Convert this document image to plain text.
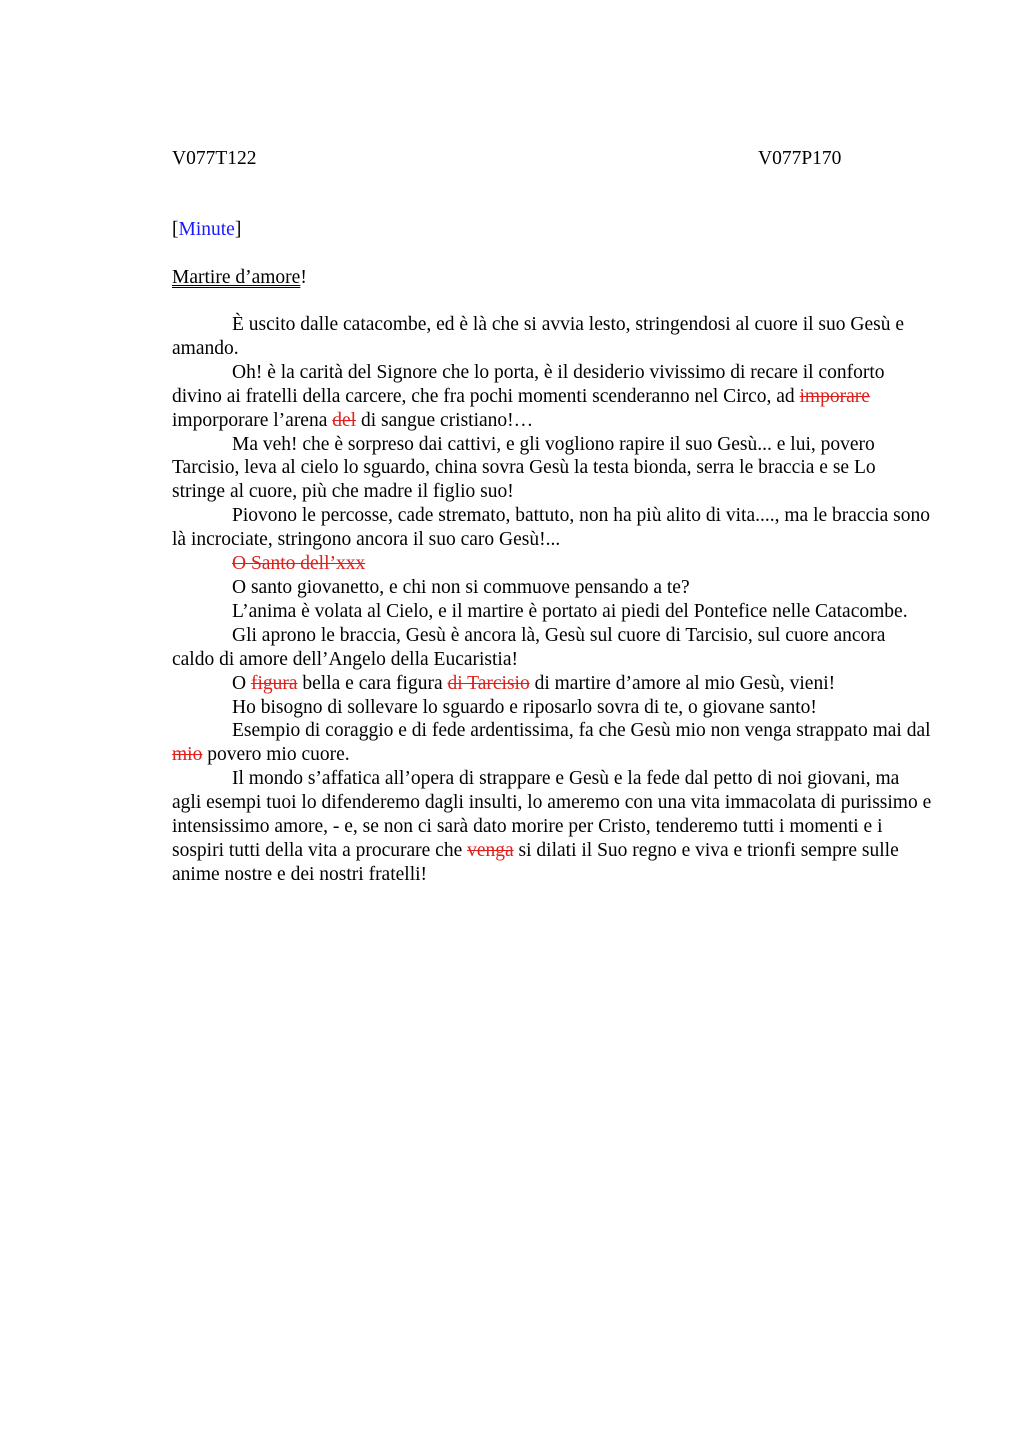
V077T122	V077P170
[Minute]
Martire d’amore!

È uscito dalle catacombe, ed è là che si avvia lesto, stringendosi al cuore il suo Gesù e amando.

Oh! è la carità del Signore che lo porta, è il desiderio vivissimo di recare il conforto divino ai fratelli della carcere, che fra pochi momenti scenderanno nel Circo, ad imporare imporporare l’arena del di sangue cristiano!…

Ma veh! che è sorpreso dai cattivi, e gli vogliono rapire il suo Gesù... e lui, povero Tarcisio, leva al cielo lo sguardo, china sovra Gesù la testa bionda, serra le braccia e se Lo stringe al cuore, più che madre il figlio suo!

Piovono le percosse, cade stremato, battuto, non ha più alito di vita...., ma le braccia sono là incrociate, stringono ancora il suo caro Gesù!...

O Santo dell’xxx

O santo giovanetto, e chi non si commuove pensando a te?

L’anima è volata al Cielo, e il martire è portato ai piedi del Pontefice nelle Catacombe.

Gli aprono le braccia, Gesù è ancora là, Gesù sul cuore di Tarcisio, sul cuore ancora caldo di amore dell’Angelo della Eucaristia!

O figura bella e cara figura di Tarcisio di martire d’amore al mio Gesù, vieni!

Ho bisogno di sollevare lo sguardo e riposarlo sovra di te, o giovane santo!

Esempio di coraggio e di fede ardentissima, fa che Gesù mio non venga strappato mai dal mio povero mio cuore.

Il mondo s’affatica all’opera di strappare e Gesù e la fede dal petto di noi giovani, ma agli esempi tuoi lo difenderemo dagli insulti, lo ameremo con una vita immacolata di purissimo e intensissimo amore, - e, se non ci sarà dato morire per Cristo, tenderemo tutti i momenti e i sospiri tutti della vita a procurare che venga si dilati il Suo regno e viva e trionfi sempre sulle anime nostre e dei nostri fratelli!
